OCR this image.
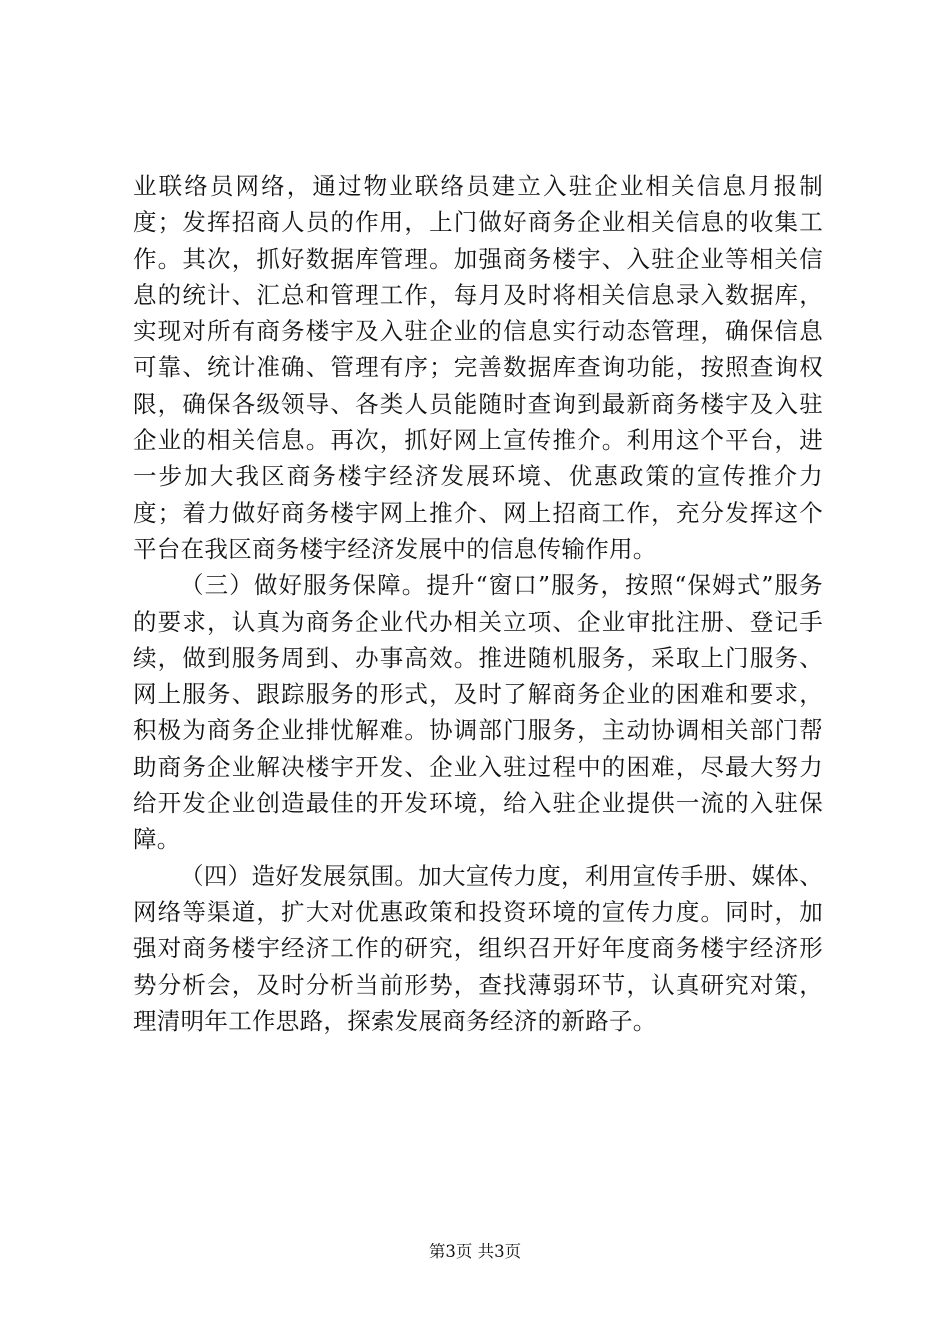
业联络员网络，通过物业联络员建立入驻企业相关信息月报制度；发挥招商人员的作用，上门做好商务企业相关信息的收集工作。其次，抓好数据库管理。加强商务楼宇、入驻企业等相关信息的统计、汇总和管理工作，每月及时将相关信息录入数据库，实现对所有商务楼宇及入驻企业的信息实行动态管理，确保信息可靠、统计准确、管理有序；完善数据库查询功能，按照查询权限，确保各级领导、各类人员能随时查询到最新商务楼宇及入驻企业的相关信息。再次，抓好网上宣传推介。利用这个平台，进一步加大我区商务楼宇经济发展环境、优惠政策的宣传推介力度；着力做好商务楼宇网上推介、网上招商工作，充分发挥这个平台在我区商务楼宇经济发展中的信息传输作用。

（三）做好服务保障。提升“窗口”服务，按照“保姆式”服务的要求，认真为商务企业代办相关立项、企业审批注册、登记手续，做到服务周到、办事高效。推进随机服务，采取上门服务、网上服务、跟踪服务的形式，及时了解商务企业的困难和要求，积极为商务企业排忧解难。协调部门服务，主动协调相关部门帮助商务企业解决楼宇开发、企业入驻过程中的困难，尽最大努力给开发企业创造最佳的开发环境，给入驻企业提供一流的入驻保障。

（四）造好发展氛围。加大宣传力度，利用宣传手册、媒体、网络等渠道，扩大对优惠政策和投资环境的宣传力度。同时，加强对商务楼宇经济工作的研究，组织召开好年度商务楼宇经济形势分析会，及时分析当前形势，查找薄弱环节，认真研究对策，理清明年工作思路，探索发展商务经济的新路子。

第3页 共3页
